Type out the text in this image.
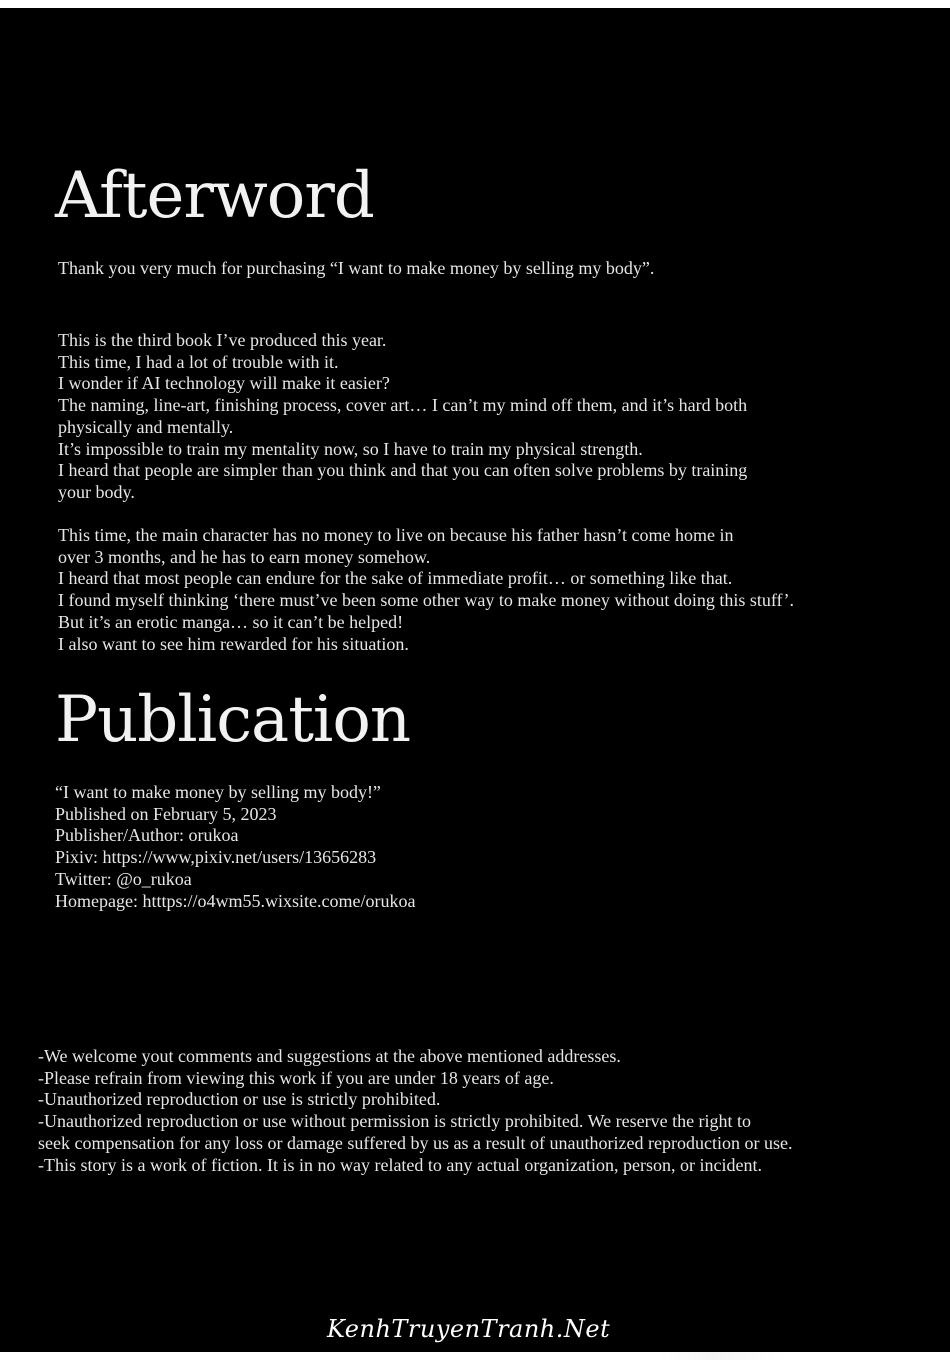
Afterword

Thank you very much for purchasing “I want to make money by selling my body”.

This is the third book I’ve produced this year.
This time, I had a lot of trouble with it.
I wonder if AI technology will make it easier?
The naming, line-art, finishing process, cover art… I can’t my mind off them, and it’s hard both
physically and mentally.
It’s impossible to train my mentality now, so I have to train my physical strength.
I heard that people are simpler than you think and that you can often solve problems by training
your body.

This time, the main character has no money to live on because his father hasn’t come home in
over 3 months, and he has to earn money somehow.
I heard that most people can endure for the sake of immediate profit… or something like that.
I found myself thinking ‘there must’ve been some other way to make money without doing this stuff’.
But it’s an erotic manga… so it can’t be helped!
I also want to see him rewarded for his situation.

Publication

“I want to make money by selling my body!”
Published on February 5, 2023
Publisher/Author: orukoa
Pixiv: https://www,pixiv.net/users/13656283
Twitter: @o_rukoa
Homepage: htttps://o4wm55.wixsite.come/orukoa

-We welcome yout comments and suggestions at the above mentioned addresses.
-Please refrain from viewing this work if you are under 18 years of age.
-Unauthorized reproduction or use is strictly prohibited.
-Unauthorized reproduction or use without permission is strictly prohibited. We reserve the right to
seek compensation for any loss or damage suffered by us as a result of unauthorized reproduction or use.
-This story is a work of fiction. It is in no way related to any actual organization, person, or incident.

KenhTruyenTranh.Net
